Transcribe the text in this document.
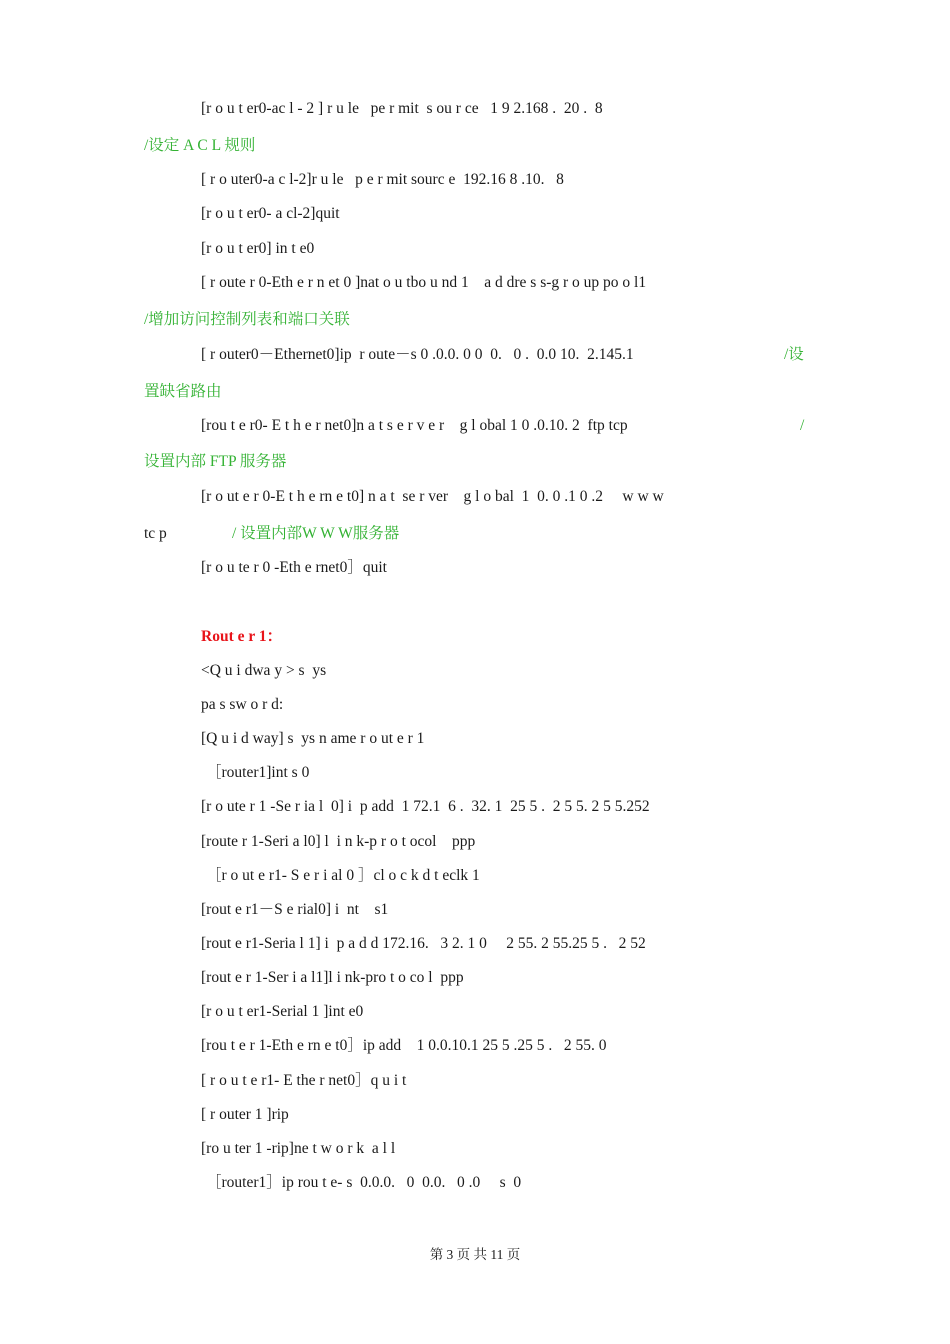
[r o u t er0-ac l - 2 ] r u le   pe r mit  s ou r ce   1 9 2.168 .  20 .  8
/设定 A C L 规则
[ r o uter0-a c l-2]r u le   p e r mit sourc e  192.16 8 .10.   8
[r o u t er0- a cl-2]quit
[r o u t er0] in t e0
[ r oute r 0-Eth e r n et 0 ]nat o u tbo u nd 1    a d dre s s-g r o up po o l1
/增加访问控制列表和端口关联
[ r outer0－Ethernet0]ip  r oute－s 0 .0.0. 0 0  0.   0 .  0.0 10.  2.145.1	/设
置缺省路由
[rou t e r0- E t h e r net0]n a t s e r v e r    g l obal 1 0 .0.10. 2  ftp tcp	/
设置内部 FTP 服务器
[r o ut e r 0-E t h e rn e t0] n a t  se r ver    g l o bal  1  0. 0 .1 0 .2     w w w
tc p	/ 设置内部W W W服务器
[r o u te r 0 -Eth e rnet0］quit
Rout e r 1：
<Q u i dwa y > s  ys
pa s sw o r d:
[Q u i d way] s  ys n ame r o ut e r 1
［router1]int s 0
[r o ute r 1 -Se r ia l  0] i  p add  1 72.1  6 .  32. 1  25 5 .  2 5 5. 2 5 5.252
[route r 1-Seri a l0] l  i n k-p r o t ocol    ppp
［r o ut e r1- S e r i al 0 ］cl o c k d t eclk 1
[rout e r1－S e rial0] i  nt    s1
[rout e r1-Seria l 1] i  p a d d 172.16.   3 2. 1 0     2 55. 2 55.25 5 .   2 52
[rout e r 1-Ser i a l1]l i nk-pro t o co l  ppp
[r o u t er1-Serial 1 ]int e0
[rou t e r 1-Eth e rn e t0］ip add    1 0.0.10.1 25 5 .25 5 .   2 55. 0
[ r o u t e r1- E the r net0］q u i t
[ r outer 1 ]rip
[ro u ter 1 -rip]ne t w o r k  a l l
［router1］ip rou t e- s  0.0.0.   0  0.0.   0 .0     s  0
第 3 页 共 11 页
